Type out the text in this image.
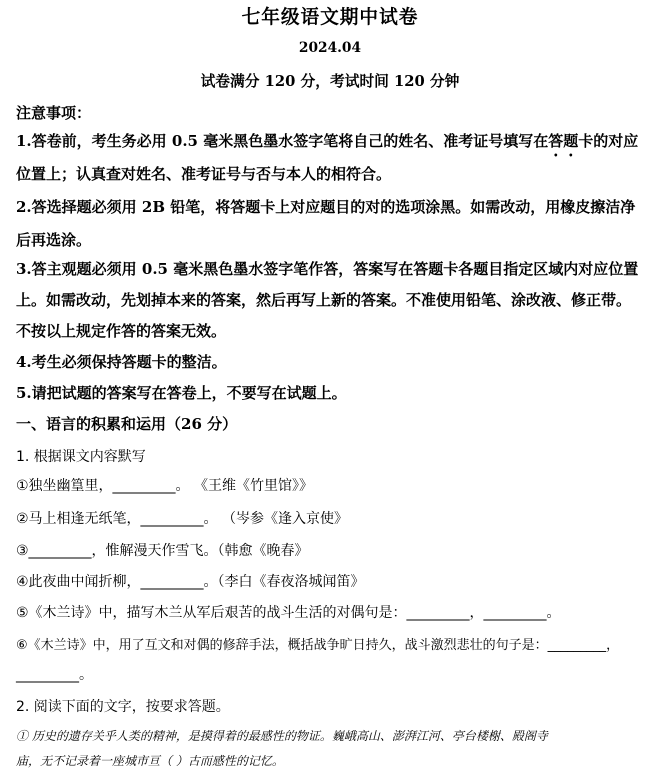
七年级语文期中试卷
2024.04
试卷满分 120 分，考试时间 120 分钟
注意事项：
1.答卷前，考生务必用 0.5 毫米黑色墨水签字笔将自己的姓名、准考证号填写在答题卡的对应
位置上；认真查对姓名、准考证号与否与本人的相符合。
2.答选择题必须用 2B 铅笔，将答题卡上对应题目的对的选项涂黑。如需改动，用橡皮擦洁净
后再选涂。
3.答主观题必须用 0.5 毫米黑色墨水签字笔作答，答案写在答题卡各题目指定区域内对应位置
上。如需改动，先划掉本来的答案，然后再写上新的答案。不准使用铅笔、涂改液、修正带。
不按以上规定作答的答案无效。
4.考生必须保持答题卡的整洁。
5.请把试题的答案写在答卷上，不要写在试题上。
一、语言的积累和运用（26 分）
1. 根据课文内容默写
①独坐幽篁里，_________。 《王维《竹里馆》》
②马上相逢无纸笔，_________。 （岑参《逢入京使》
③_________，惟解漫天作雪飞。（韩愈《晚春》
④此夜曲中闻折柳，_________。（李白《春夜洛城闻笛》
⑤《木兰诗》中，描写木兰从军后艰苦的战斗生活的对偶句是：_________，_________。
⑥《木兰诗》中，用了互文和对偶的修辞手法，概括战争旷日持久，战斗激烈悲壮的句子是：_________，
_________。
2. 阅读下面的文字，按要求答题。
① 历史的遗存关乎人类的精神，是摸得着的最感性的物证。巍峨高山、澎湃江河、亭台楼榭、殿阁寺
庙，无不记录着一座城市亘（ ）古而感性的记忆。
